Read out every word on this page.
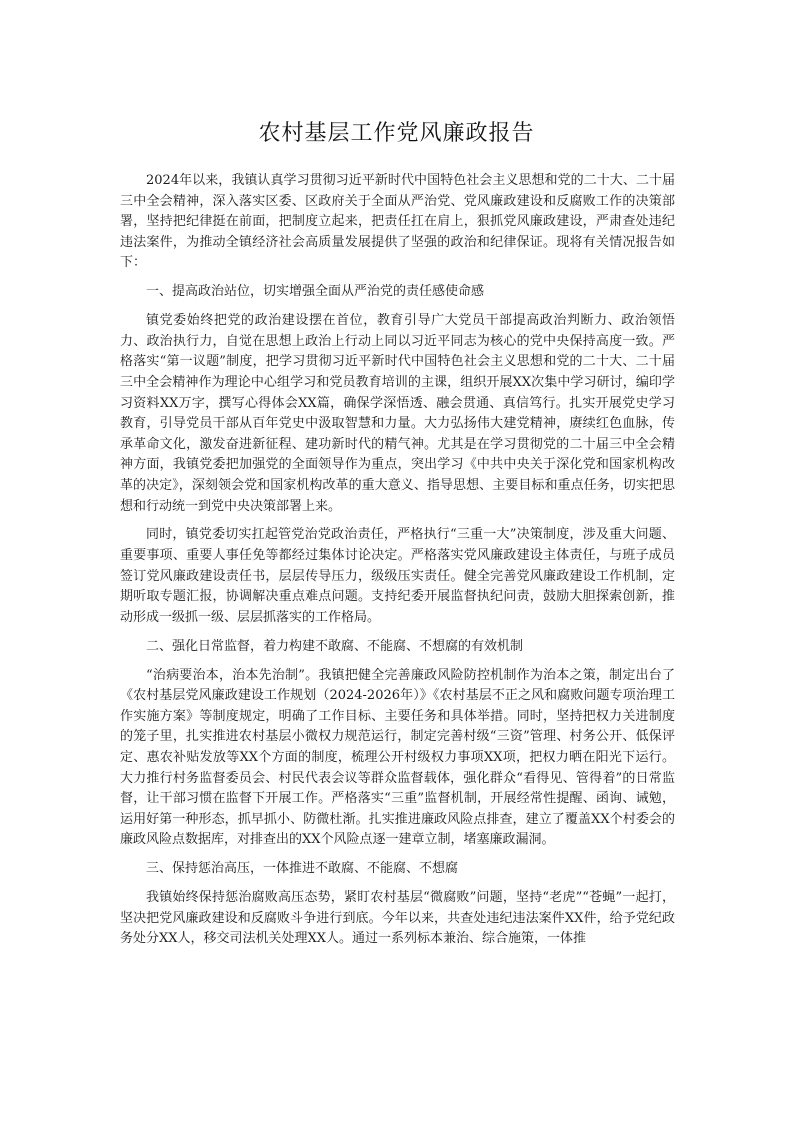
农村基层工作党风廉政报告

2024年以来，我镇认真学习贯彻习近平新时代中国特色社会主义思想和党的二十大、二十届三中全会精神，深入落实区委、区政府关于全面从严治党、党风廉政建设和反腐败工作的决策部署，坚持把纪律挺在前面，把制度立起来，把责任扛在肩上，狠抓党风廉政建设，严肃查处违纪违法案件，为推动全镇经济社会高质量发展提供了坚强的政治和纪律保证。现将有关情况报告如下：

一、提高政治站位，切实增强全面从严治党的责任感使命感

镇党委始终把党的政治建设摆在首位，教育引导广大党员干部提高政治判断力、政治领悟力、政治执行力，自觉在思想上政治上行动上同以习近平同志为核心的党中央保持高度一致。严格落实“第一议题”制度，把学习贯彻习近平新时代中国特色社会主义思想和党的二十大、二十届三中全会精神作为理论中心组学习和党员教育培训的主课，组织开展XX次集中学习研讨，编印学习资料XX万字，撰写心得体会XX篇，确保学深悟透、融会贯通、真信笃行。扎实开展党史学习教育，引导党员干部从百年党史中汲取智慧和力量。大力弘扬伟大建党精神，赓续红色血脉，传承革命文化，激发奋进新征程、建功新时代的精气神。尤其是在学习贯彻党的二十届三中全会精神方面，我镇党委把加强党的全面领导作为重点，突出学习《中共中央关于深化党和国家机构改革的决定》，深刻领会党和国家机构改革的重大意义、指导思想、主要目标和重点任务，切实把思想和行动统一到党中央决策部署上来。

同时，镇党委切实扛起管党治党政治责任，严格执行“三重一大”决策制度，涉及重大问题、重要事项、重要人事任免等都经过集体讨论决定。严格落实党风廉政建设主体责任，与班子成员签订党风廉政建设责任书，层层传导压力，级级压实责任。健全完善党风廉政建设工作机制，定期听取专题汇报，协调解决重点难点问题。支持纪委开展监督执纪问责，鼓励大胆探索创新，推动形成一级抓一级、层层抓落实的工作格局。

二、强化日常监督，着力构建不敢腐、不能腐、不想腐的有效机制

“治病要治本，治本先治制”。我镇把健全完善廉政风险防控机制作为治本之策，制定出台了《农村基层党风廉政建设工作规划（2024-2026年）》《农村基层不正之风和腐败问题专项治理工作实施方案》等制度规定，明确了工作目标、主要任务和具体举措。同时，坚持把权力关进制度的笼子里，扎实推进农村基层小微权力规范运行，制定完善村级“三资”管理、村务公开、低保评定、惠农补贴发放等XX个方面的制度，梳理公开村级权力事项XX项，把权力晒在阳光下运行。大力推行村务监督委员会、村民代表会议等群众监督载体，强化群众“看得见、管得着”的日常监督，让干部习惯在监督下开展工作。严格落实“三重”监督机制，开展经常性提醒、函询、诫勉，运用好第一种形态，抓早抓小、防微杜渐。扎实推进廉政风险点排查，建立了覆盖XX个村委会的廉政风险点数据库，对排查出的XX个风险点逐一建章立制，堵塞廉政漏洞。

三、保持惩治高压，一体推进不敢腐、不能腐、不想腐

我镇始终保持惩治腐败高压态势，紧盯农村基层“微腐败”问题，坚持“老虎”“苍蝇”一起打，坚决把党风廉政建设和反腐败斗争进行到底。今年以来，共查处违纪违法案件XX件，给予党纪政务处分XX人，移交司法机关处理XX人。通过一系列标本兼治、综合施策，一体推
